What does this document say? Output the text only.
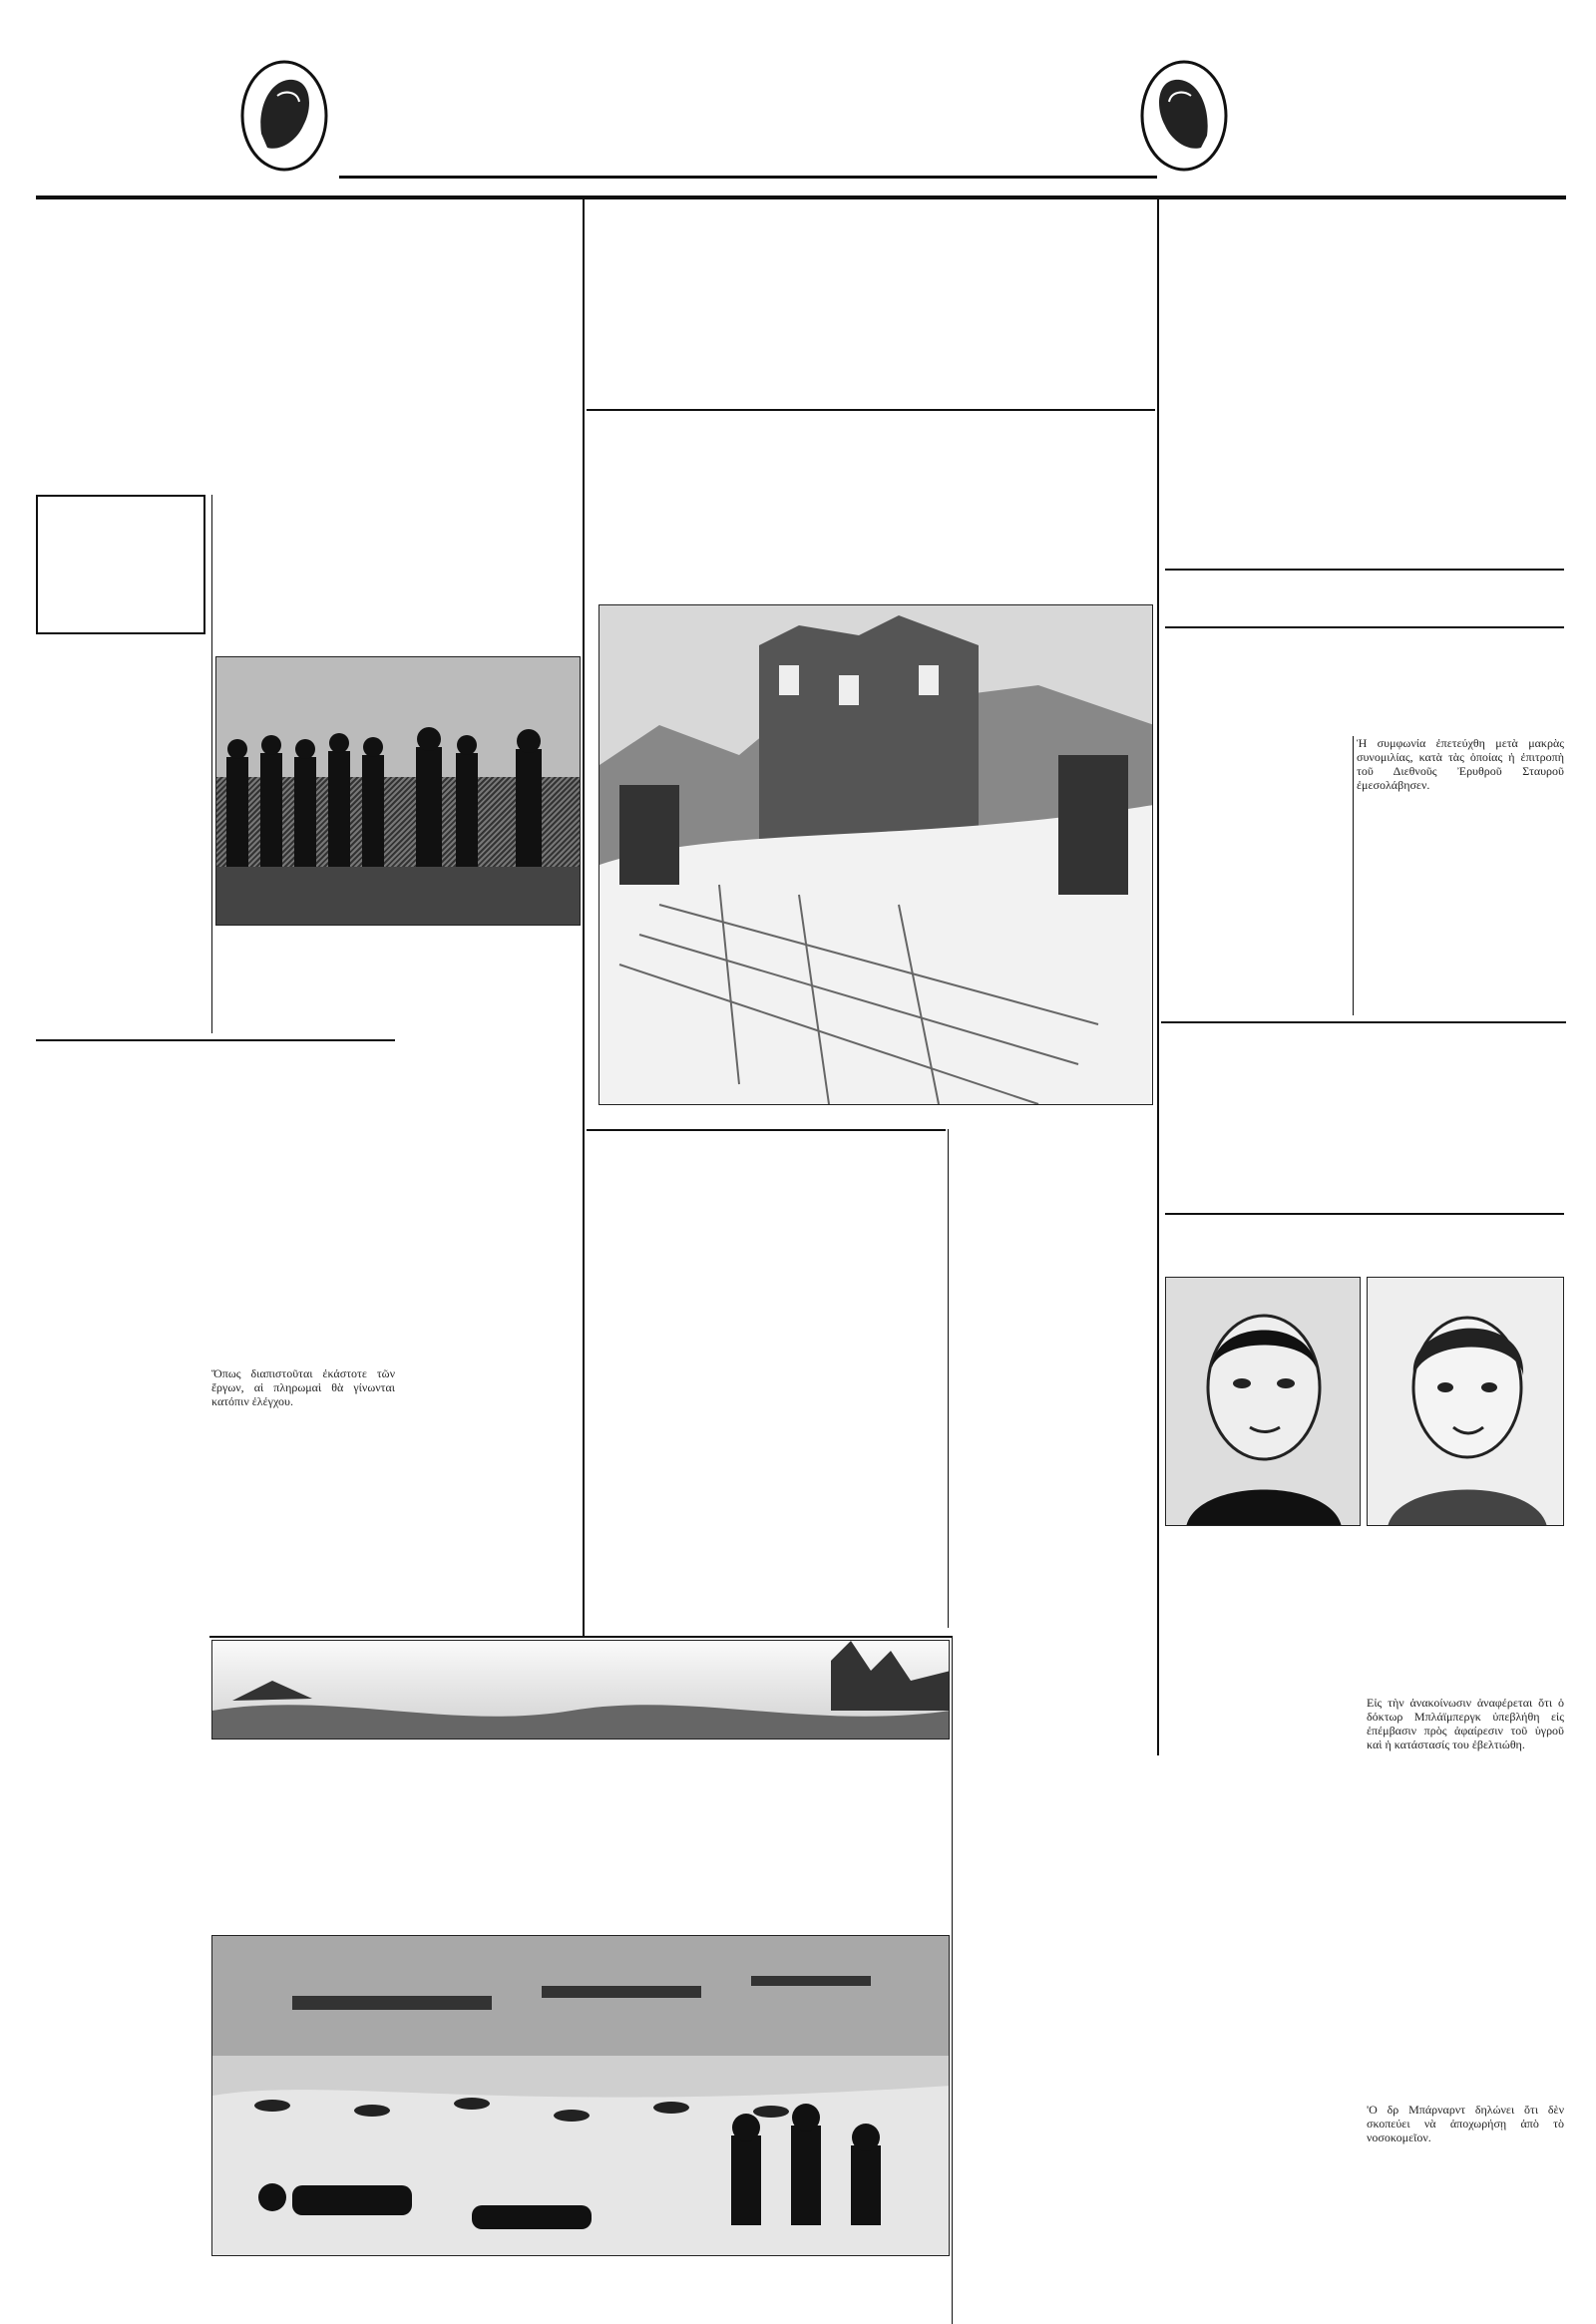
Ὅπως διαπιστοῦται ἐκάστοτε τῶν ἔργων, αἱ πληρωμαὶ θὰ γίνωνται κατόπιν ἐλέγχου.
Ἡ συμφωνία ἐπετεύχθη μετὰ μακρὰς συνομιλίας, κατὰ τὰς ὁποίας ἡ ἐπιτροπὴ τοῦ Διεθνοῦς Ἐρυθροῦ Σταυροῦ ἐμεσολάβησεν.
Εἰς τὴν ἀνακοίνωσιν ἀναφέρεται ὅτι ὁ δόκτωρ Μπλάϊμπεργκ ὑπεβλήθη εἰς ἐπέμβασιν πρὸς ἀφαίρεσιν τοῦ ὑγροῦ καὶ ἡ κατάστασίς του ἐβελτιώθη.
'Ο δρ Μπάρναρντ δηλώνει ὅτι δὲν σκοπεύει νὰ ἀποχωρήσῃ ἀπὸ τὸ νοσοκομεῖον.
